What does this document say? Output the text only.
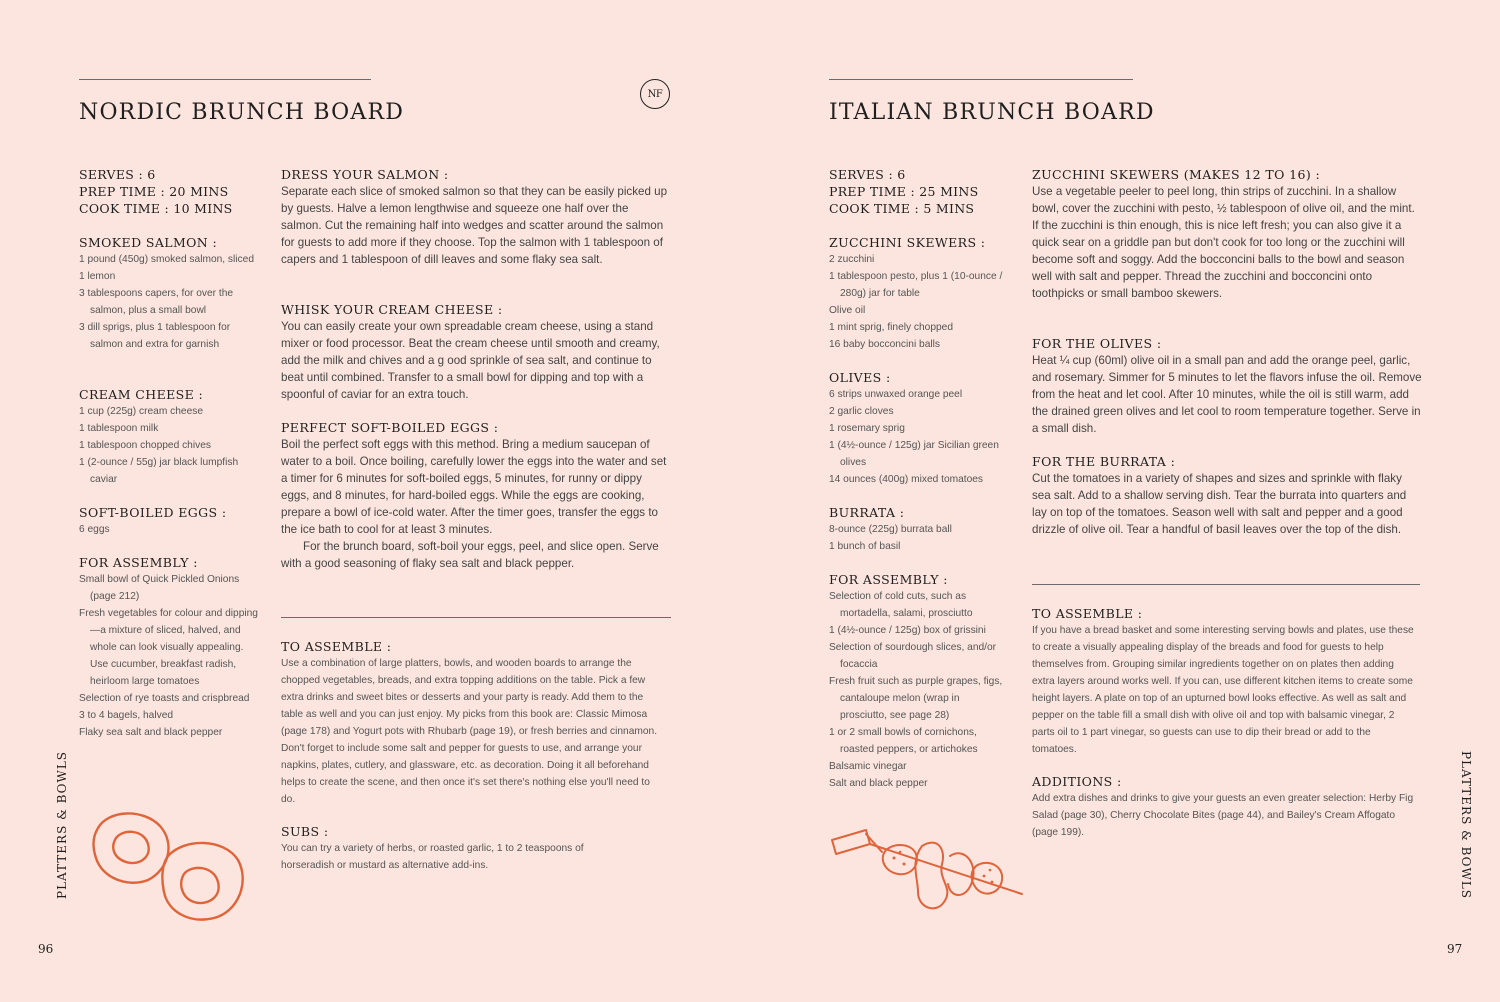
NORDIC BRUNCH BOARD
NF
SERVES : 6
PREP TIME : 20 MINS
COOK TIME : 10 MINS
SMOKED SALMON :
1 pound (450g) smoked salmon, sliced
1 lemon
3 tablespoons capers, for over the salmon, plus a small bowl
3 dill sprigs, plus 1 tablespoon for salmon and extra for garnish
CREAM CHEESE :
1 cup (225g) cream cheese
1 tablespoon milk
1 tablespoon chopped chives
1 (2-ounce / 55g) jar black lumpfish caviar
SOFT-BOILED EGGS :
6 eggs
FOR ASSEMBLY :
Small bowl of Quick Pickled Onions (page 212)
Fresh vegetables for colour and dipping—a mixture of sliced, halved, and whole can look visually appealing. Use cucumber, breakfast radish, heirloom large tomatoes
Selection of rye toasts and crispbread
3 to 4 bagels, halved
Flaky sea salt and black pepper
DRESS YOUR SALMON :
Separate each slice of smoked salmon so that they can be easily picked up by guests. Halve a lemon lengthwise and squeeze one half over the salmon. Cut the remaining half into wedges and scatter around the salmon for guests to add more if they choose. Top the salmon with 1 tablespoon of capers and 1 tablespoon of dill leaves and some flaky sea salt.
WHISK YOUR CREAM CHEESE :
You can easily create your own spreadable cream cheese, using a stand mixer or food processor. Beat the cream cheese until smooth and creamy, add the milk and chives and a g ood sprinkle of sea salt, and continue to beat until combined. Transfer to a small bowl for dipping and top with a spoonful of caviar for an extra touch.
PERFECT SOFT-BOILED EGGS :
Boil the perfect soft eggs with this method. Bring a medium saucepan of water to a boil. Once boiling, carefully lower the eggs into the water and set a timer for 6 minutes for soft-boiled eggs, 5 minutes, for runny or dippy eggs, and 8 minutes, for hard-boiled eggs. While the eggs are cooking, prepare a bowl of ice-cold water. After the timer goes, transfer the eggs to the ice bath to cool for at least 3 minutes.
For the brunch board, soft-boil your eggs, peel, and slice open. Serve with a good seasoning of flaky sea salt and black pepper.
TO ASSEMBLE :
Use a combination of large platters, bowls, and wooden boards to arrange the chopped vegetables, breads, and extra topping additions on the table. Pick a few extra drinks and sweet bites or desserts and your party is ready. Add them to the table as well and you can just enjoy. My picks from this book are: Classic Mimosa (page 178) and Yogurt pots with Rhubarb (page 19), or fresh berries and cinnamon. Don't forget to include some salt and pepper for guests to use, and arrange your napkins, plates, cutlery, and glassware, etc. as decoration. Doing it all beforehand helps to create the scene, and then once it's set there's nothing else you'll need to do.
SUBS :
You can try a variety of herbs, or roasted garlic, 1 to 2 teaspoons of horseradish or mustard as alternative add-ins.
PLATTERS & BOWLS
96
ITALIAN BRUNCH BOARD
SERVES : 6
PREP TIME : 25 MINS
COOK TIME : 5 MINS
ZUCCHINI SKEWERS :
2 zucchini
1 tablespoon pesto, plus 1 (10-ounce / 280g) jar for table
Olive oil
1 mint sprig, finely chopped
16 baby bocconcini balls
OLIVES :
6 strips unwaxed orange peel
2 garlic cloves
1 rosemary sprig
1 (4½-ounce / 125g) jar Sicilian green olives
14 ounces (400g) mixed tomatoes
BURRATA :
8-ounce (225g) burrata ball
1 bunch of basil
FOR ASSEMBLY :
Selection of cold cuts, such as mortadella, salami, prosciutto
1 (4½-ounce / 125g) box of grissini
Selection of sourdough slices, and/or focaccia
Fresh fruit such as purple grapes, figs, cantaloupe melon (wrap in prosciutto, see page 28)
1 or 2 small bowls of cornichons, roasted peppers, or artichokes
Balsamic vinegar
Salt and black pepper
ZUCCHINI SKEWERS (MAKES 12 TO 16) :
Use a vegetable peeler to peel long, thin strips of zucchini. In a shallow bowl, cover the zucchini with pesto, ½ tablespoon of olive oil, and the mint. If the zucchini is thin enough, this is nice left fresh; you can also give it a quick sear on a griddle pan but don't cook for too long or the zucchini will become soft and soggy. Add the bocconcini balls to the bowl and season well with salt and pepper. Thread the zucchini and bocconcini onto toothpicks or small bamboo skewers.
FOR THE OLIVES :
Heat ¼ cup (60ml) olive oil in a small pan and add the orange peel, garlic, and rosemary. Simmer for 5 minutes to let the flavors infuse the oil. Remove from the heat and let cool. After 10 minutes, while the oil is still warm, add the drained green olives and let cool to room temperature together. Serve in a small dish.
FOR THE BURRATA :
Cut the tomatoes in a variety of shapes and sizes and sprinkle with flaky sea salt. Add to a shallow serving dish. Tear the burrata into quarters and lay on top of the tomatoes. Season well with salt and pepper and a good drizzle of olive oil. Tear a handful of basil leaves over the top of the dish.
TO ASSEMBLE :
If you have a bread basket and some interesting serving bowls and plates, use these to create a visually appealing display of the breads and food for guests to help themselves from. Grouping similar ingredients together on on plates then adding extra layers around works well. If you can, use different kitchen items to create some height layers. A plate on top of an upturned bowl looks effective. As well as salt and pepper on the table fill a small dish with olive oil and top with balsamic vinegar, 2 parts oil to 1 part vinegar, so guests can use to dip their bread or add to the tomatoes.
ADDITIONS :
Add extra dishes and drinks to give your guests an even greater selection: Herby Fig Salad (page 30), Cherry Chocolate Bites (page 44), and Bailey's Cream Affogato (page 199).	PLATTERS & BOWLS
97
